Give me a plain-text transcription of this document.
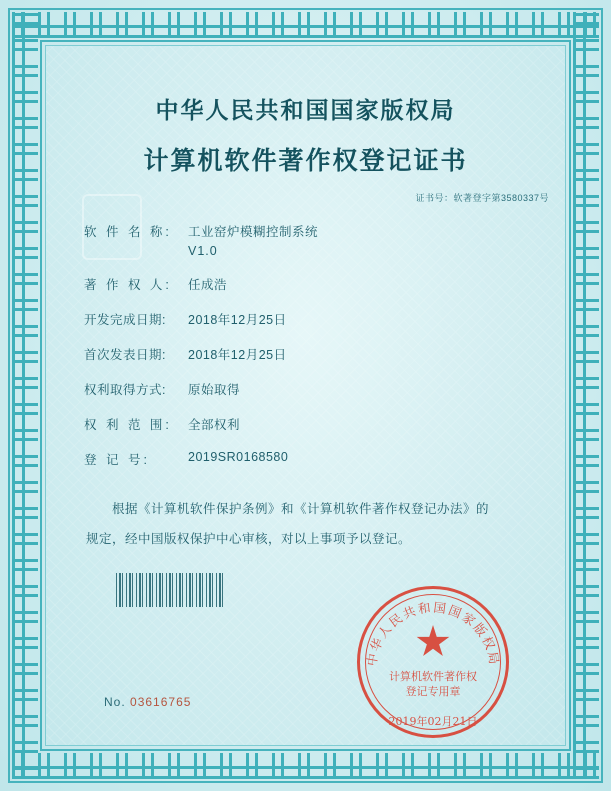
中华人民共和国国家版权局
计算机软件著作权登记证书
证书号：软著登字第3580337号
软 件 名 称:	工业窑炉模糊控制系统
V1.0
著 作 权 人:	任成浩
开发完成日期:	2018年12月25日
首次发表日期:	2018年12月25日
权利取得方式:	原始取得
权 利 范 围:	全部权利
登 记 号:	2019SR0168580

根据《计算机软件保护条例》和《计算机软件著作权登记办法》的

规定，经中国版权保护中心审核，对以上事项予以登记。

中华人民共和国国家版权局
计算机软件著作权
登记专用章
2019年02月21日
No. 03616765
